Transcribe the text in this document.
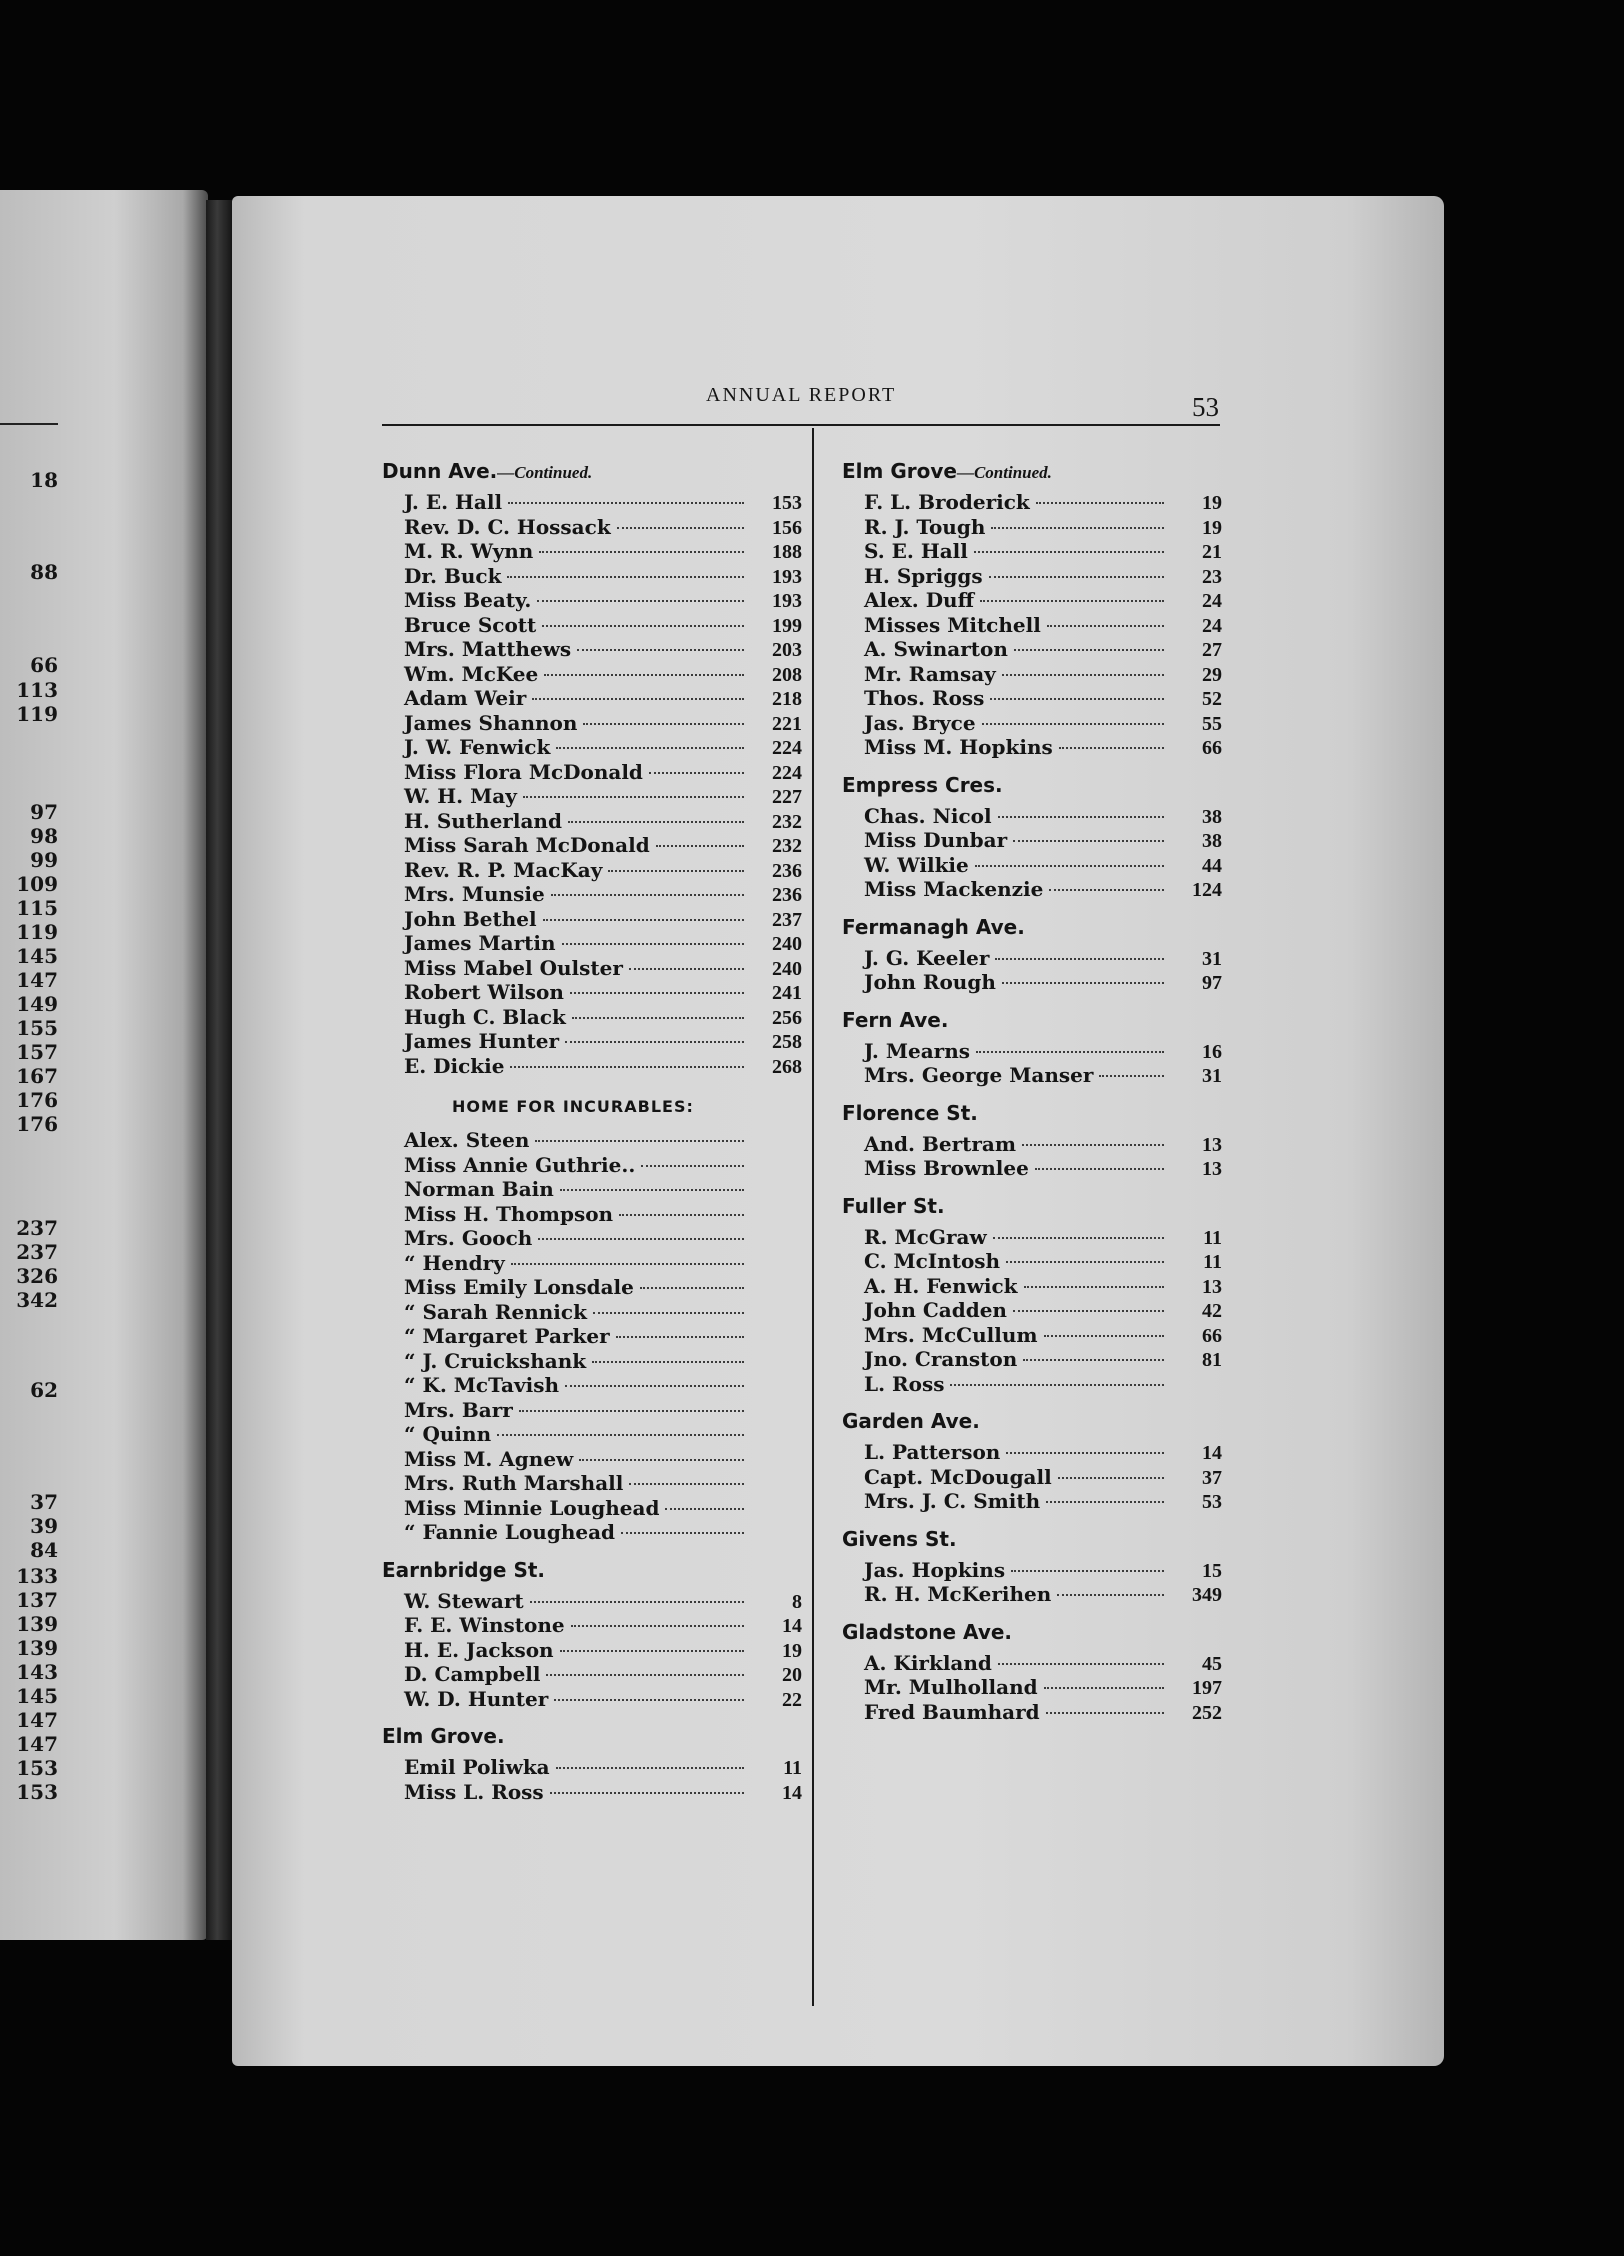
18
88
66
113
119
97
98
99
109
115
119
145
147
149
155
157
167
176
176
237
237
326
342
62
37
39
84
133
137
139
139
143
145
147
147
153
153
ANNUAL REPORT	53
Dunn Ave.—Continued.
J. E. Hall	153
Rev. D. C. Hossack	156
M. R. Wynn	188
Dr. Buck	193
Miss Beaty.	193
Bruce Scott	199
Mrs. Matthews	203
Wm. McKee	208
Adam Weir	218
James Shannon	221
J. W. Fenwick	224
Miss Flora McDonald	224
W. H. May	227
H. Sutherland	232
Miss Sarah McDonald	232
Rev. R. P. MacKay	236
Mrs. Munsie	236
John Bethel	237
James Martin	240
Miss Mabel Oulster	240
Robert Wilson	241
Hugh C. Black	256
James Hunter	258
E. Dickie	268
HOME FOR INCURABLES:
Alex. Steen
Miss Annie Guthrie..
Norman Bain
Miss H. Thompson
Mrs. Gooch
“ Hendry
Miss Emily Lonsdale
“ Sarah Rennick
“ Margaret Parker
“ J. Cruickshank
“ K. McTavish
Mrs. Barr
“ Quinn
Miss M. Agnew
Mrs. Ruth Marshall
Miss Minnie Loughead
“ Fannie Loughead
Earnbridge St.
W. Stewart	8
F. E. Winstone	14
H. E. Jackson	19
D. Campbell	20
W. D. Hunter	22
Elm Grove.
Emil Poliwka	11
Miss L. Ross	14
Elm Grove—Continued.
F. L. Broderick	19
R. J. Tough	19
S. E. Hall	21
H. Spriggs	23
Alex. Duff	24
Misses Mitchell	24
A. Swinarton	27
Mr. Ramsay	29
Thos. Ross	52
Jas. Bryce	55
Miss M. Hopkins	66
Empress Cres.
Chas. Nicol	38
Miss Dunbar	38
W. Wilkie	44
Miss Mackenzie	124
Fermanagh Ave.
J. G. Keeler	31
John Rough	97
Fern Ave.
J. Mearns	16
Mrs. George Manser	31
Florence St.
And. Bertram	13
Miss Brownlee	13
Fuller St.
R. McGraw	11
C. McIntosh	11
A. H. Fenwick	13
John Cadden	42
Mrs. McCullum	66
Jno. Cranston	81
L. Ross
Garden Ave.
L. Patterson	14
Capt. McDougall	37
Mrs. J. C. Smith	53
Givens St.
Jas. Hopkins	15
R. H. McKerihen	349
Gladstone Ave.
A. Kirkland	45
Mr. Mulholland	197
Fred Baumhard	252
